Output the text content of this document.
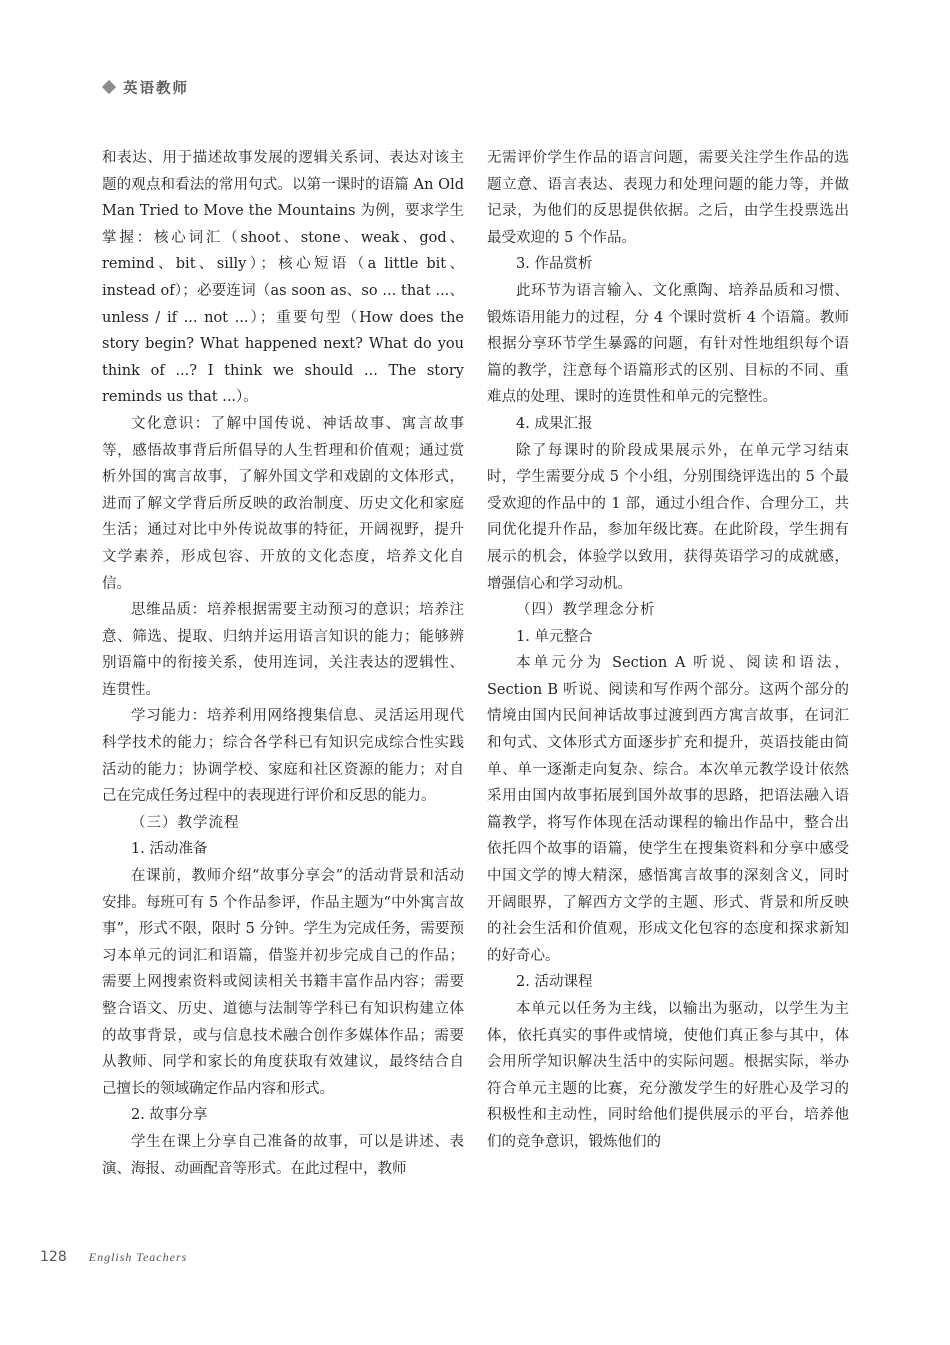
英语教师

和表达、用于描述故事发展的逻辑关系词、表达对该主题的观点和看法的常用句式。以第一课时的语篇 An Old Man Tried to Move the Mountains 为例，要求学生掌握：核心词汇（shoot、stone、weak、god、remind、bit、silly）；核心短语（a little bit、instead of）；必要连词（as soon as、so ... that ...、unless / if ... not ...）；重要句型（How does the story begin? What happened next? What do you think of ...? I think we should ... The story reminds us that ...）。

文化意识：了解中国传说、神话故事、寓言故事等，感悟故事背后所倡导的人生哲理和价值观；通过赏析外国的寓言故事，了解外国文学和戏剧的文体形式，进而了解文学背后所反映的政治制度、历史文化和家庭生活；通过对比中外传说故事的特征，开阔视野，提升文学素养，形成包容、开放的文化态度，培养文化自信。

思维品质：培养根据需要主动预习的意识；培养注意、筛选、提取、归纳并运用语言知识的能力；能够辨别语篇中的衔接关系，使用连词，关注表达的逻辑性、连贯性。

学习能力：培养利用网络搜集信息、灵活运用现代科学技术的能力；综合各学科已有知识完成综合性实践活动的能力；协调学校、家庭和社区资源的能力；对自己在完成任务过程中的表现进行评价和反思的能力。

（三）教学流程

1. 活动准备

在课前，教师介绍“故事分享会”的活动背景和活动安排。每班可有 5 个作品参评，作品主题为“中外寓言故事”，形式不限，限时 5 分钟。学生为完成任务，需要预习本单元的词汇和语篇，借鉴并初步完成自己的作品；需要上网搜索资料或阅读相关书籍丰富作品内容；需要整合语文、历史、道德与法制等学科已有知识构建立体的故事背景，或与信息技术融合创作多媒体作品；需要从教师、同学和家长的角度获取有效建议，最终结合自己擅长的领域确定作品内容和形式。

2. 故事分享

学生在课上分享自己准备的故事，可以是讲述、表演、海报、动画配音等形式。在此过程中，教师

无需评价学生作品的语言问题，需要关注学生作品的选题立意、语言表达、表现力和处理问题的能力等，并做记录，为他们的反思提供依据。之后，由学生投票选出最受欢迎的 5 个作品。

3. 作品赏析

此环节为语言输入、文化熏陶、培养品质和习惯、锻炼语用能力的过程，分 4 个课时赏析 4 个语篇。教师根据分享环节学生暴露的问题，有针对性地组织每个语篇的教学，注意每个语篇形式的区别、目标的不同、重难点的处理、课时的连贯性和单元的完整性。

4. 成果汇报

除了每课时的阶段成果展示外，在单元学习结束时，学生需要分成 5 个小组，分别围绕评选出的 5 个最受欢迎的作品中的 1 部，通过小组合作、合理分工，共同优化提升作品，参加年级比赛。在此阶段，学生拥有展示的机会，体验学以致用，获得英语学习的成就感，增强信心和学习动机。

（四）教学理念分析

1. 单元整合

本单元分为 Section A 听说、阅读和语法，Section B 听说、阅读和写作两个部分。这两个部分的情境由国内民间神话故事过渡到西方寓言故事，在词汇和句式、文体形式方面逐步扩充和提升，英语技能由简单、单一逐渐走向复杂、综合。本次单元教学设计依然采用由国内故事拓展到国外故事的思路，把语法融入语篇教学，将写作体现在活动课程的输出作品中，整合出依托四个故事的语篇，使学生在搜集资料和分享中感受中国文学的博大精深，感悟寓言故事的深刻含义，同时开阔眼界，了解西方文学的主题、形式、背景和所反映的社会生活和价值观，形成文化包容的态度和探求新知的好奇心。

2. 活动课程

本单元以任务为主线，以输出为驱动，以学生为主体，依托真实的事件或情境，使他们真正参与其中，体会用所学知识解决生活中的实际问题。根据实际，举办符合单元主题的比赛，充分激发学生的好胜心及学习的积极性和主动性，同时给他们提供展示的平台，培养他们的竞争意识，锻炼他们的

128 English Teachers
